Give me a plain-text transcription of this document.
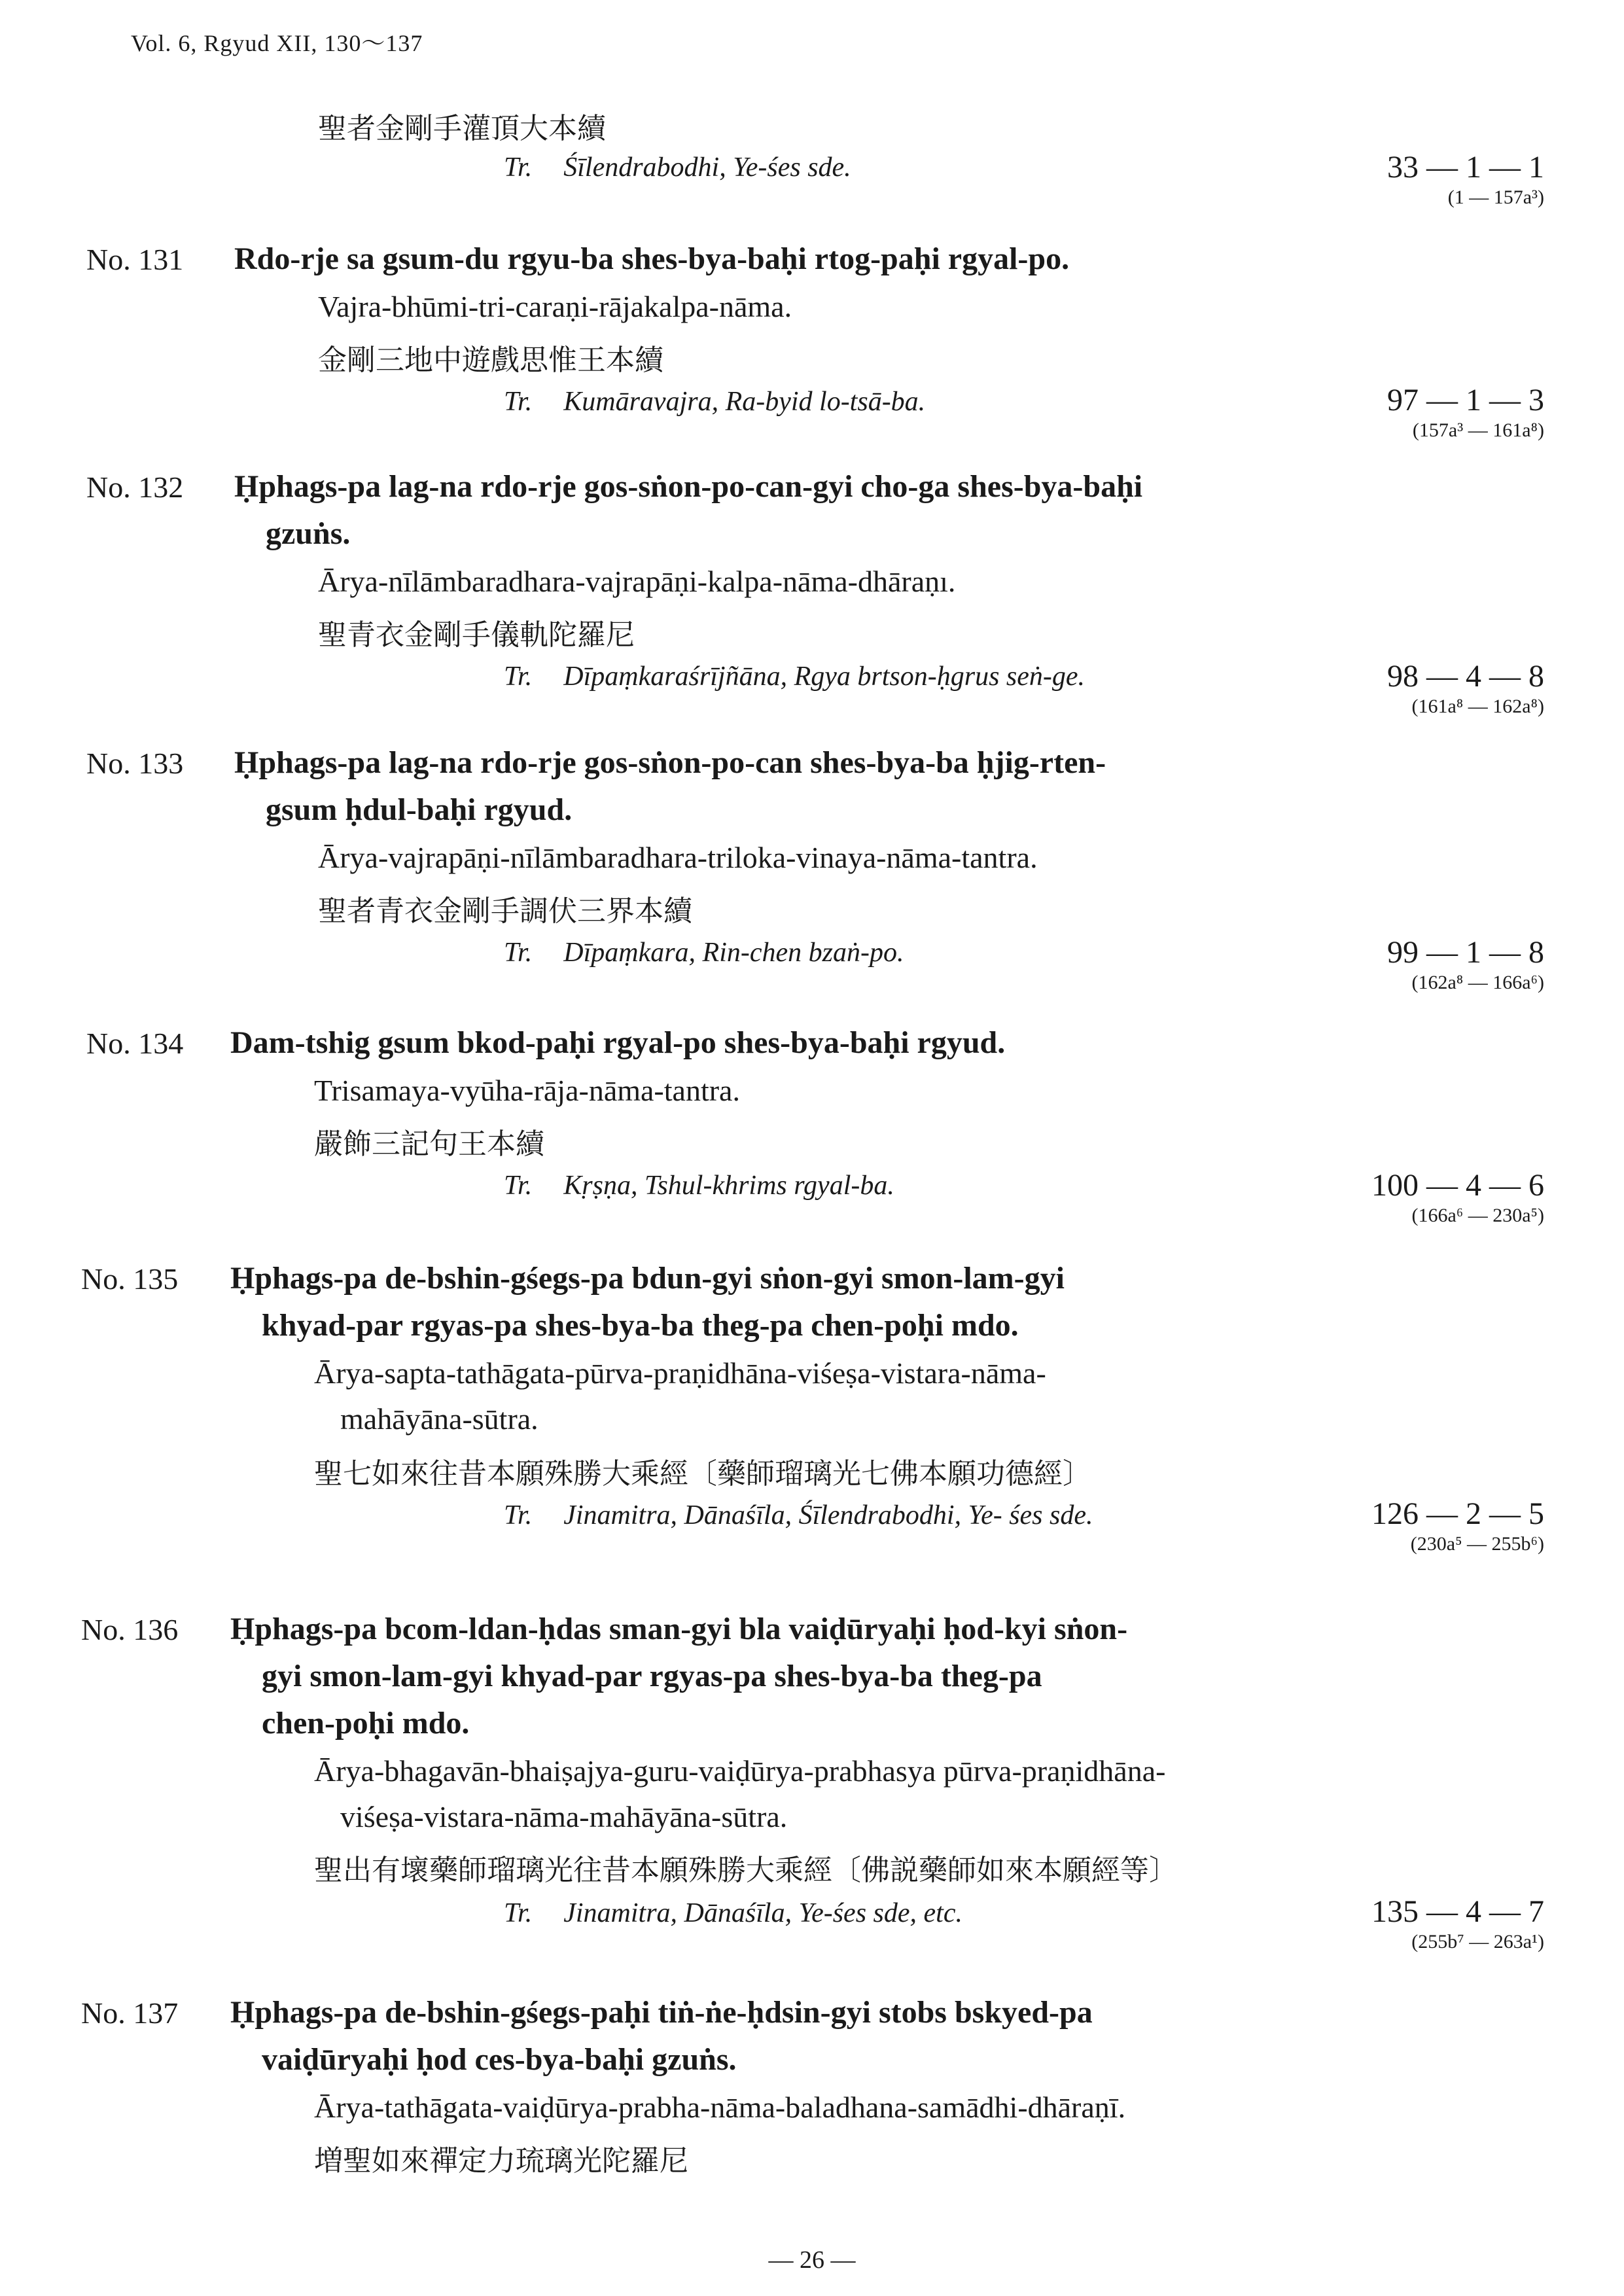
Vol. 6, Rgyud XII, 130〜137
聖者金剛手灌頂大本續
Tr. Śīlendrabodhi, Ye-śes sde.	33 — 1 — 1
(1 — 157a³)
No. 131 Rdo-rje sa gsum-du rgyu-ba shes-bya-baḥi rtog-paḥi rgyal-po.
Vajra-bhūmi-tri-caraṇi-rājakalpa-nāma.
金剛三地中遊戲思惟王本續
Tr. Kumāravajra, Ra-byid lo-tsā-ba.	97 — 1 — 3
(157a³ — 161a⁸)
No. 132 Ḥphags-pa lag-na rdo-rje gos-sṅon-po-can-gyi cho-ga shes-bya-baḥi
gzuṅs.
Ārya-nīlāmbaradhara-vajrapāṇi-kalpa-nāma-dhāraṇı.
聖青衣金剛手儀軌陀羅尼
Tr. Dīpaṃkaraśrījñāna, Rgya brtson-ḥgrus seṅ-ge.	98 — 4 — 8
(161a⁸ — 162a⁸)
No. 133 Ḥphags-pa lag-na rdo-rje gos-sṅon-po-can shes-bya-ba ḥjig-rten-
gsum ḥdul-baḥi rgyud.
Ārya-vajrapāṇi-nīlāmbaradhara-triloka-vinaya-nāma-tantra.
聖者青衣金剛手調伏三界本續
Tr. Dīpaṃkara, Rin-chen bzaṅ-po.	99 — 1 — 8
(162a⁸ — 166a⁶)
No. 134 Dam-tshig gsum bkod-paḥi rgyal-po shes-bya-baḥi rgyud.
Trisamaya-vyūha-rāja-nāma-tantra.
嚴飾三記句王本續
Tr. Kṛṣṇa, Tshul-khrims rgyal-ba.	100 — 4 — 6
(166a⁶ — 230a⁵)
No. 135 Ḥphags-pa de-bshin-gśegs-pa bdun-gyi sṅon-gyi smon-lam-gyi
khyad-par rgyas-pa shes-bya-ba theg-pa chen-poḥi mdo.
Ārya-sapta-tathāgata-pūrva-praṇidhāna-viśeṣa-vistara-nāma-
mahāyāna-sūtra.
聖七如來往昔本願殊勝大乘經〔藥師瑠璃光七佛本願功德經〕
Tr. Jinamitra, Dānaśīla, Śīlendrabodhi, Ye- śes sde.	126 — 2 — 5
(230a⁵ — 255b⁶)
No. 136 Ḥphags-pa bcom-ldan-ḥdas sman-gyi bla vaiḍūryaḥi ḥod-kyi sṅon-
gyi smon-lam-gyi khyad-par rgyas-pa shes-bya-ba theg-pa
chen-poḥi mdo.
Ārya-bhagavān-bhaiṣajya-guru-vaiḍūrya-prabhasya pūrva-praṇidhāna-
viśeṣa-vistara-nāma-mahāyāna-sūtra.
聖出有壞藥師瑠璃光往昔本願殊勝大乘經〔佛説藥師如來本願經等〕
Tr. Jinamitra, Dānaśīla, Ye-śes sde, etc.	135 — 4 — 7
(255b⁷ — 263a¹)
No. 137 Ḥphags-pa de-bshin-gśegs-paḥi tiṅ-ṅe-ḥdsin-gyi stobs bskyed-pa
vaiḍūryaḥi ḥod ces-bya-baḥi gzuṅs.
Ārya-tathāgata-vaiḍūrya-prabha-nāma-baladhana-samādhi-dhāraṇī.
増聖如來禪定力琉璃光陀羅尼
— 26 —
